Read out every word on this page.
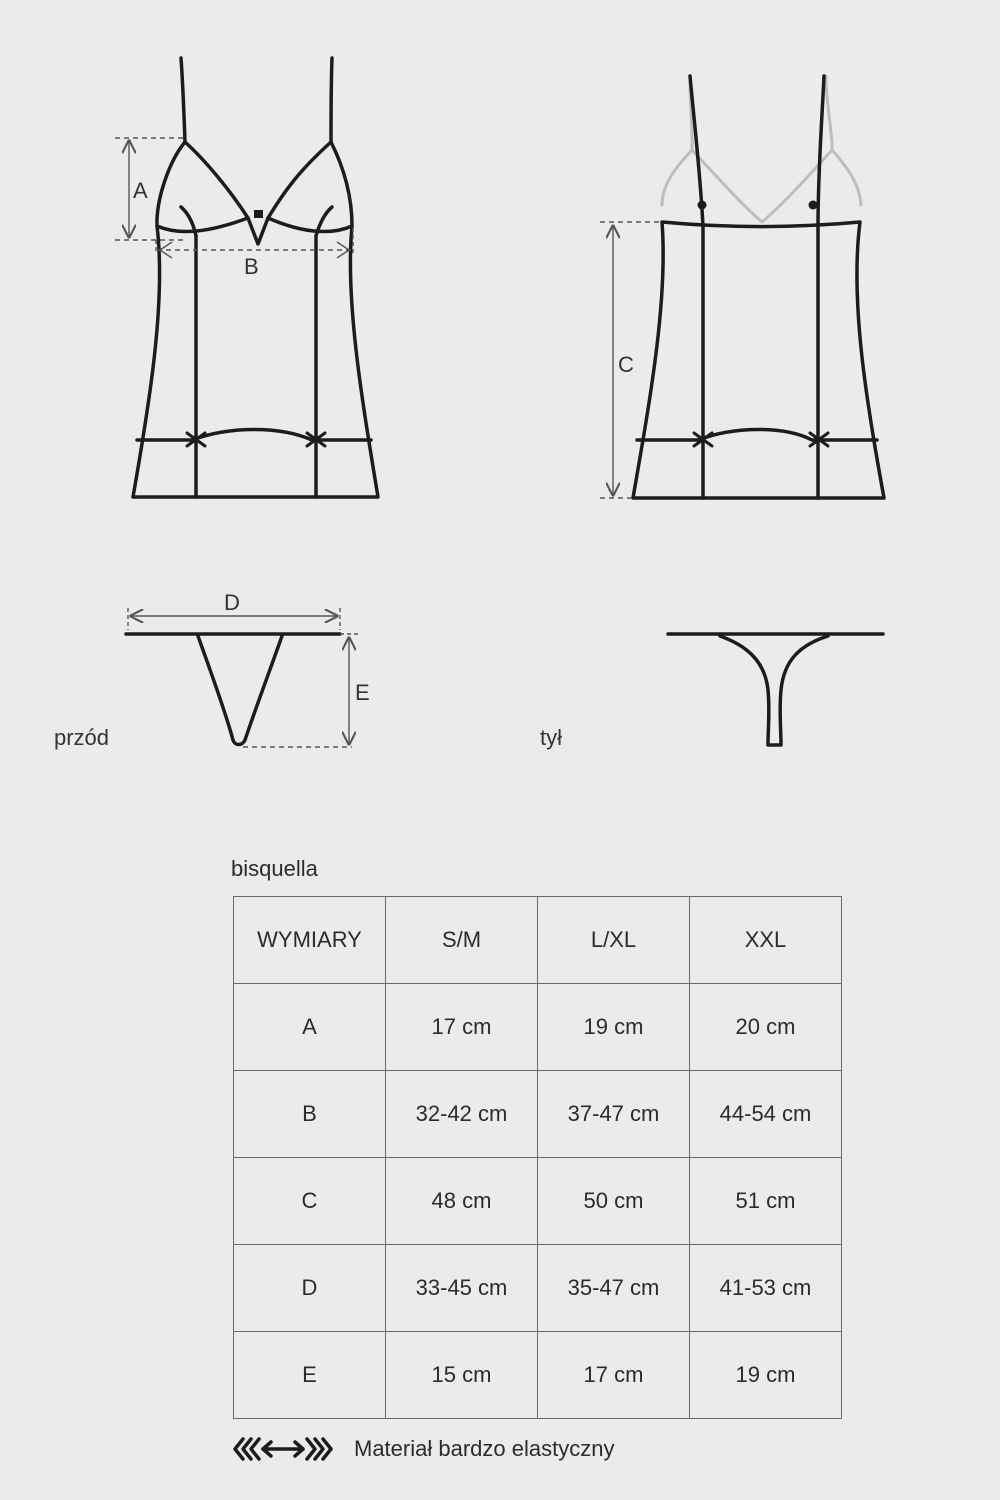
A
B
C
D
E
przód	tył
bisquella
WYMIARY	S/M	L/XL	XXL
A	17 cm	19 cm	20 cm
B	32-42 cm	37-47 cm	44-54 cm
C	48 cm	50 cm	51 cm
D	33-45 cm	35-47 cm	41-53 cm
E	15 cm	17 cm	19 cm
Materiał bardzo elastyczny
